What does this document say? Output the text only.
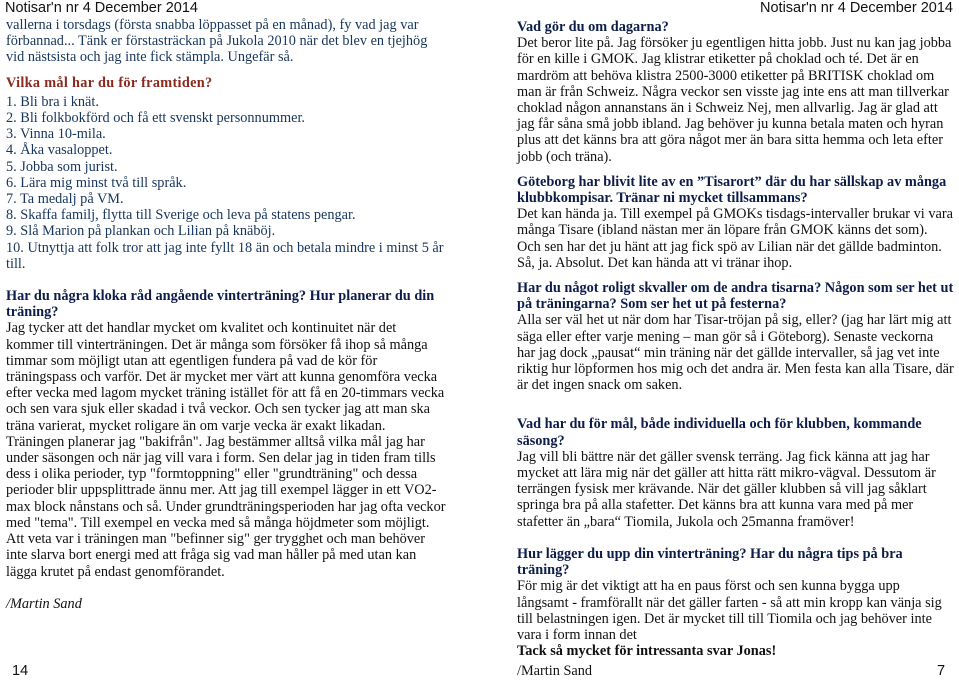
Notisar'n nr 4 December 2014	Notisar'n nr 4 December 2014

vallerna i torsdags (första snabba löppasset på en månad), fy vad jag var förbannad... Tänk er förstasträckan på Jukola 2010 när det blev en tjejhög vid nästsista och jag inte fick stämpla. Ungefär så.

Vilka mål har du för framtiden?

1. Bli bra i knät.
2. Bli folkbokförd och få ett svenskt personnummer.
3. Vinna 10-mila.
4. Åka vasaloppet.
5. Jobba som jurist.
6. Lära mig minst två till språk.
7. Ta medalj på VM.
8. Skaffa familj, flytta till Sverige och leva på statens pengar.
9. Slå Marion på plankan och Lilian på knäböj.
10. Utnyttja att folk tror att jag inte fyllt 18 än och betala mindre i minst 5 år till.

Har du några kloka råd angående vinterträning? Hur planerar du din träning?

Jag tycker att det handlar mycket om kvalitet och kontinuitet när det kommer till vinterträningen. Det är många som försöker få ihop så många timmar som möjligt utan att egentligen fundera på vad de kör för träningspass och varför. Det är mycket mer värt att kunna genomföra vecka efter vecka med lagom mycket träning istället för att få en 20-timmars vecka och sen vara sjuk eller skadad i två veckor. Och sen tycker jag att man ska träna varierat, mycket roligare än om varje vecka är exakt likadan.

Träningen planerar jag "bakifrån". Jag bestämmer alltså vilka mål jag har under säsongen och när jag vill vara i form. Sen delar jag in tiden fram tills dess i olika perioder, typ "formtoppning" eller "grundträning" och dessa perioder blir uppsplittrade ännu mer. Att jag till exempel lägger in ett VO2-max block nånstans och så. Under grundträningsperioden har jag ofta veckor med "tema". Till exempel en vecka med så många höjdmeter som möjligt. Att veta var i träningen man "befinner sig" ger trygghet och man behöver inte slarva bort energi med att fråga sig vad man håller på med utan kan lägga krutet på endast genomförandet.

/Martin Sand

Vad gör du om dagarna?

Det beror lite på. Jag försöker ju egentligen hitta jobb. Just nu kan jag jobba för en kille i GMOK. Jag klistrar etiketter på choklad och té. Det är en mardröm att behöva klistra 2500-3000 etiketter på BRITISK choklad om man är från Schweiz. Några veckor sen visste jag inte ens att man tillverkar choklad någon annanstans än i Schweiz Nej, men allvarlig. Jag är glad att jag får såna små jobb ibland. Jag behöver ju kunna betala maten och hyran plus att det känns bra att göra något mer än bara sitta hemma och leta efter jobb (och träna).

Göteborg har blivit lite av en ”Tisarort” där du har sällskap av många klubbkompisar. Tränar ni mycket tillsammans?

Det kan hända ja. Till exempel på GMOKs tisdags-intervaller brukar vi vara många Tisare (ibland nästan mer än löpare från GMOK känns det som). Och sen har det ju hänt att jag fick spö av Lilian när det gällde badminton. Så, ja. Absolut. Det kan hända att vi tränar ihop.

Har du något roligt skvaller om de andra tisarna? Någon som ser het ut på träningarna? Som ser het ut på festerna?

Alla ser väl het ut när dom har Tisar-tröjan på sig, eller? (jag har lärt mig att säga eller efter varje mening – man gör så i Göteborg). Senaste veckorna har jag dock „pausat“ min träning när det gällde intervaller, så jag vet inte riktig hur löpformen hos mig och det andra är. Men festa kan alla Tisare, där är det ingen snack om saken.

Vad har du för mål, både individuella och för klubben, kommande säsong?

Jag vill bli bättre när det gäller svensk terräng. Jag fick känna att jag har mycket att lära mig när det gäller att hitta rätt mikro-vägval. Dessutom är terrängen fysisk mer krävande. När det gäller klubben så vill jag såklart springa bra på alla stafetter. Det känns bra att kunna vara med på mer stafetter än „bara“ Tiomila, Jukola och 25manna framöver!

Hur lägger du upp din vinterträning? Har du några tips på bra träning?

För mig är det viktigt att ha en paus först och sen kunna bygga upp långsamt - framförallt när det gäller farten - så att min kropp kan vänja sig till belastningen igen. Det är mycket till till Tiomila och jag behöver inte vara i form innan det

Tack så mycket för intressanta svar Jonas!

/Martin Sand

14	7
